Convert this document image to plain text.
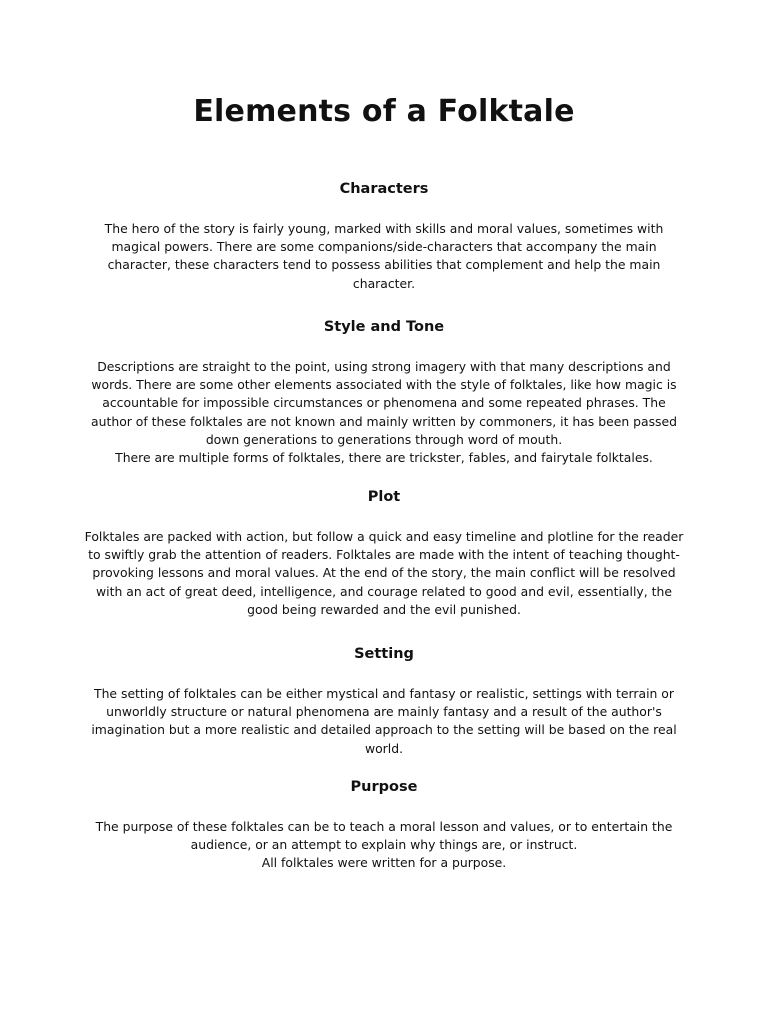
Elements of a Folktale
Characters

The hero of the story is fairly young, marked with skills and moral values, sometimes with magical powers. There are some companions/side-characters that accompany the main character, these characters tend to possess abilities that complement and help the main character.

Style and Tone

Descriptions are straight to the point, using strong imagery with that many descriptions and words. There are some other elements associated with the style of folktales, like how magic is accountable for impossible circumstances or phenomena and some repeated phrases. The author of these folktales are not known and mainly written by commoners, it has been passed down generations to generations through word of mouth.
There are multiple forms of folktales, there are trickster, fables, and fairytale folktales.

Plot

Folktales are packed with action, but follow a quick and easy timeline and plotline for the reader to swiftly grab the attention of readers. Folktales are made with the intent of teaching thought-provoking lessons and moral values. At the end of the story, the main conflict will be resolved with an act of great deed, intelligence, and courage related to good and evil, essentially, the good being rewarded and the evil punished.

Setting

The setting of folktales can be either mystical and fantasy or realistic, settings with terrain or unworldly structure or natural phenomena are mainly fantasy and a result of the author's imagination but a more realistic and detailed approach to the setting will be based on the real world.

Purpose

The purpose of these folktales can be to teach a moral lesson and values, or to entertain the audience, or an attempt to explain why things are, or instruct.
All folktales were written for a purpose.
